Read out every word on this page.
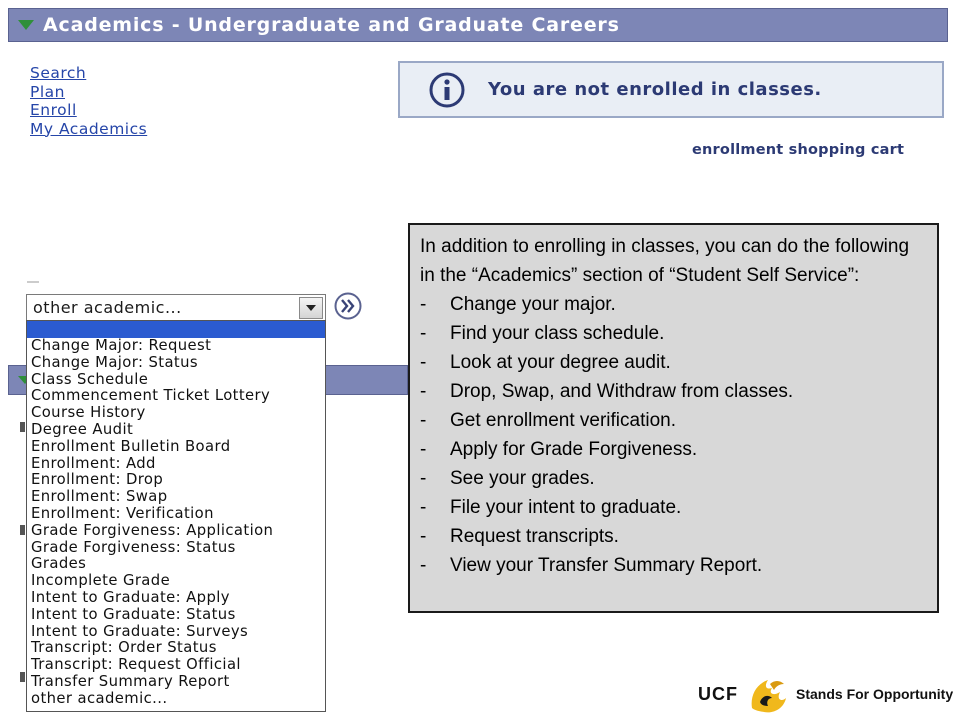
Academics - Undergraduate and Graduate Careers
Search
Plan
Enroll
My Academics
You are not enrolled in classes.
enrollment shopping cart
other academic...
Change Major: Request
Change Major: Status
Class Schedule
Commencement Ticket Lottery
Course History
Degree Audit
Enrollment Bulletin Board
Enrollment: Add
Enrollment: Drop
Enrollment: Swap
Enrollment: Verification
Grade Forgiveness: Application
Grade Forgiveness: Status
Grades
Incomplete Grade
Intent to Graduate: Apply
Intent to Graduate: Status
Intent to Graduate: Surveys
Transcript: Order Status
Transcript: Request Official
Transfer Summary Report
other academic...
In addition to enrolling in classes, you can do the following in the “Academics” section of “Student Self Service”:
- Change your major.
- Find your class schedule.
- Look at your degree audit.
- Drop, Swap, and Withdraw from classes.
- Get enrollment verification.
- Apply for Grade Forgiveness.
- See your grades.
- File your intent to graduate.
- Request transcripts.
- View your Transfer Summary Report.
UCF	Stands For Opportunity
